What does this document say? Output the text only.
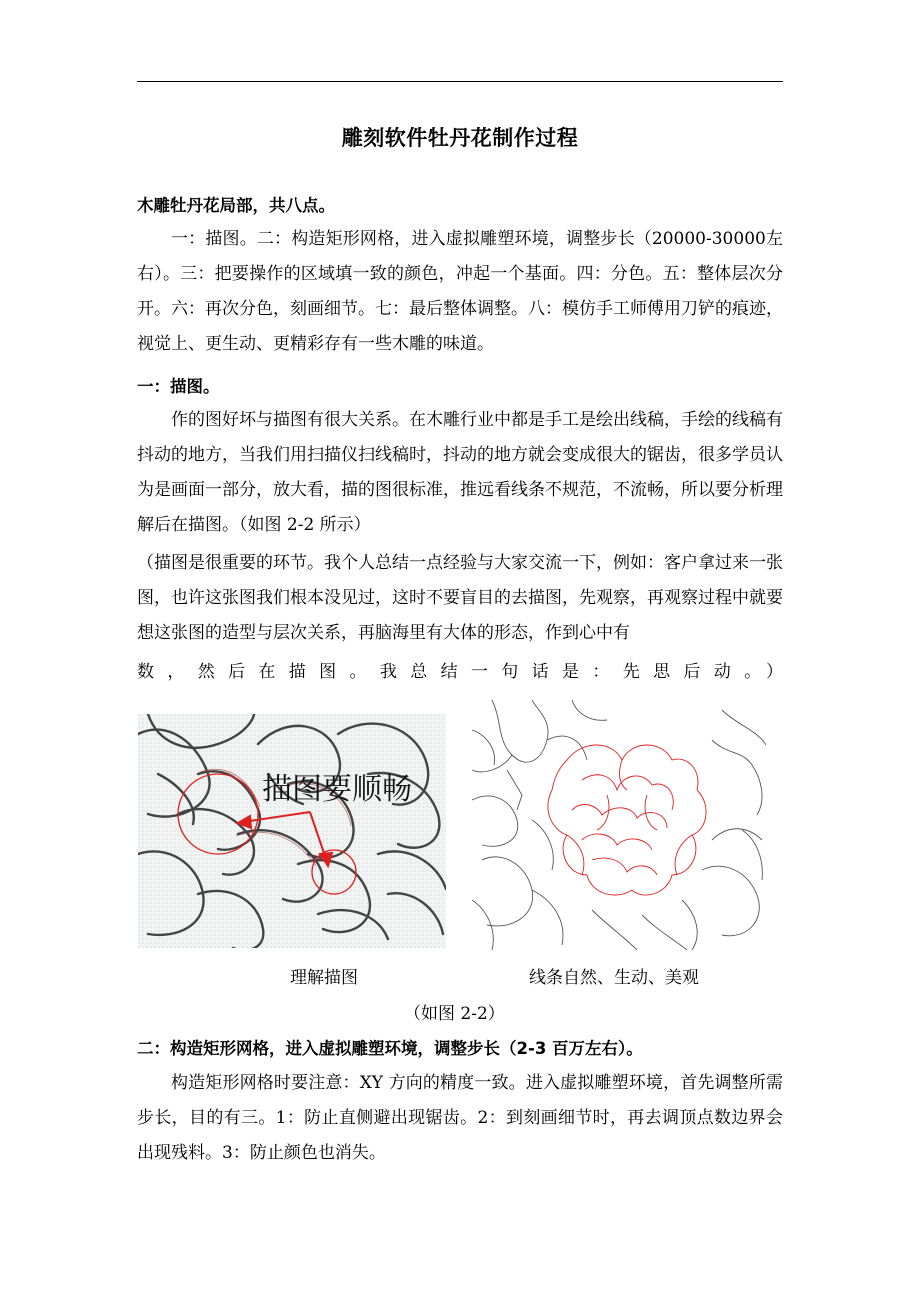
雕刻软件牡丹花制作过程
木雕牡丹花局部，共八点。

一：描图。二：构造矩形网格，进入虚拟雕塑环境，调整步长（20000-30000左右）。三：把要操作的区域填一致的颜色，冲起一个基面。四：分色。五：整体层次分开。六：再次分色，刻画细节。七：最后整体调整。八：模仿手工师傅用刀铲的痕迹，视觉上、更生动、更精彩存有一些木雕的味道。

一：描图。

作的图好坏与描图有很大关系。在木雕行业中都是手工是绘出线稿，手绘的线稿有抖动的地方，当我们用扫描仪扫线稿时，抖动的地方就会变成很大的锯齿，很多学员认为是画面一部分，放大看，描的图很标准，推远看线条不规范，不流畅，所以要分析理解后在描图。（如图 2-2 所示）

（描图是很重要的环节。我个人总结一点经验与大家交流一下，例如：客户拿过来一张图，也许这张图我们根本没见过，这时不要盲目的去描图，先观察，再观察过程中就要想这张图的造型与层次关系，再脑海里有大体的形态，作到心中有

数，然后在描图。我总结一句话是：先思后动。）

描图要顺畅
理解描图	线条自然、生动、美观
（如图 2-2）
二：构造矩形网格，进入虚拟雕塑环境，调整步长（2-3 百万左右）。

构造矩形网格时要注意：XY 方向的精度一致。进入虚拟雕塑环境，首先调整所需步长，目的有三。1：防止直侧避出现锯齿。2：到刻画细节时，再去调顶点数边界会出现残料。3：防止颜色也消失。
